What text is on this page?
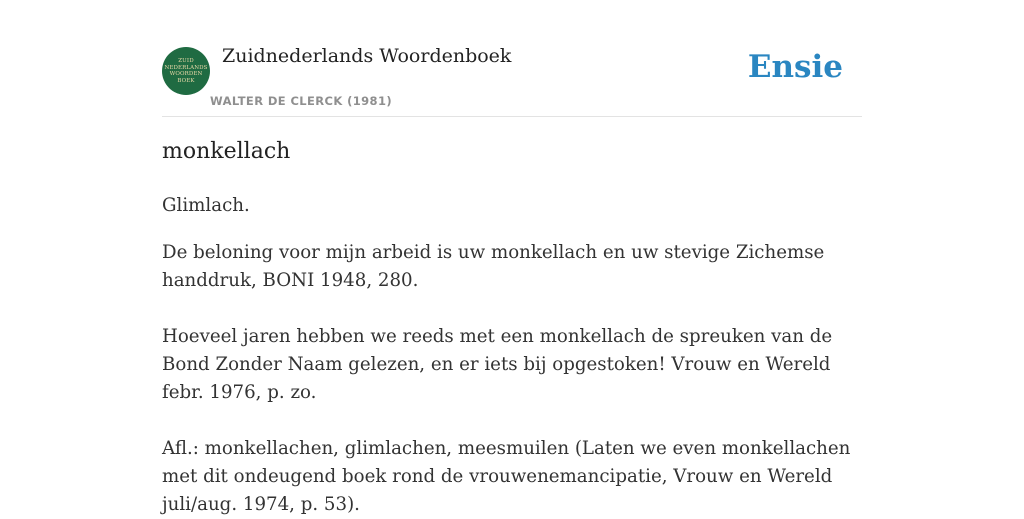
ZUID
NEDERLANDS
WOORDEN
BOEK
Zuidnederlands Woordenboek
WALTER DE CLERCK (1981)
Ensie
monkellach

Glimlach.

De beloning voor mijn arbeid is uw monkellach en uw stevige Zichemse handdruk, BONI 1948, 280.

Hoeveel jaren hebben we reeds met een monkellach de spreuken van de Bond Zonder Naam gelezen, en er iets bij opgestoken! Vrouw en Wereld febr. 1976, p. zo.

Afl.: monkellachen, glimlachen, meesmuilen (Laten we even monkellachen met dit ondeugend boek rond de vrouwenemancipatie, Vrouw en Wereld juli/aug. 1974, p. 53).
